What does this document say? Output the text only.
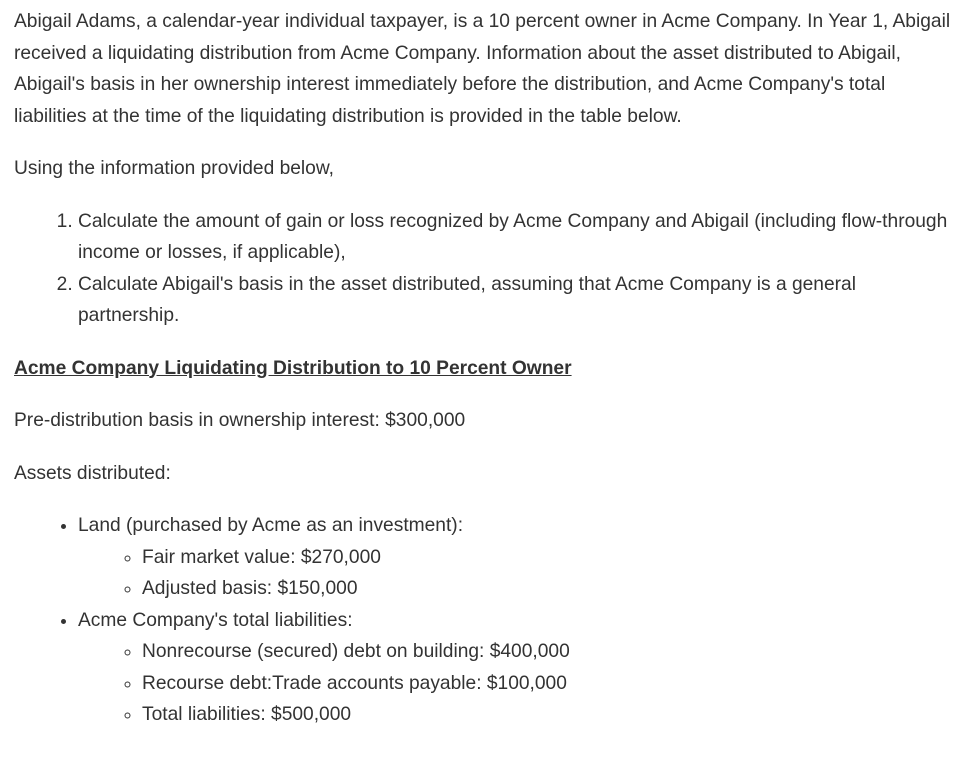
Abigail Adams, a calendar-year individual taxpayer, is a 10 percent owner in Acme Company. In Year 1, Abigail received a liquidating distribution from Acme Company. Information about the asset distributed to Abigail, Abigail's basis in her ownership interest immediately before the distribution, and Acme Company's total liabilities at the time of the liquidating distribution is provided in the table below.

Using the information provided below,

1. Calculate the amount of gain or loss recognized by Acme Company and Abigail (including flow-through income or losses, if applicable),
2. Calculate Abigail's basis in the asset distributed, assuming that Acme Company is a general partnership.
Acme Company Liquidating Distribution to 10 Percent Owner

Pre-distribution basis in ownership interest: $300,000

Assets distributed:

• Land (purchased by Acme as an investment):
◦ Fair market value: $270,000
◦ Adjusted basis: $150,000
• Acme Company's total liabilities:
◦ Nonrecourse (secured) debt on building: $400,000
◦ Recourse debt:Trade accounts payable: $100,000
◦ Total liabilities: $500,000
